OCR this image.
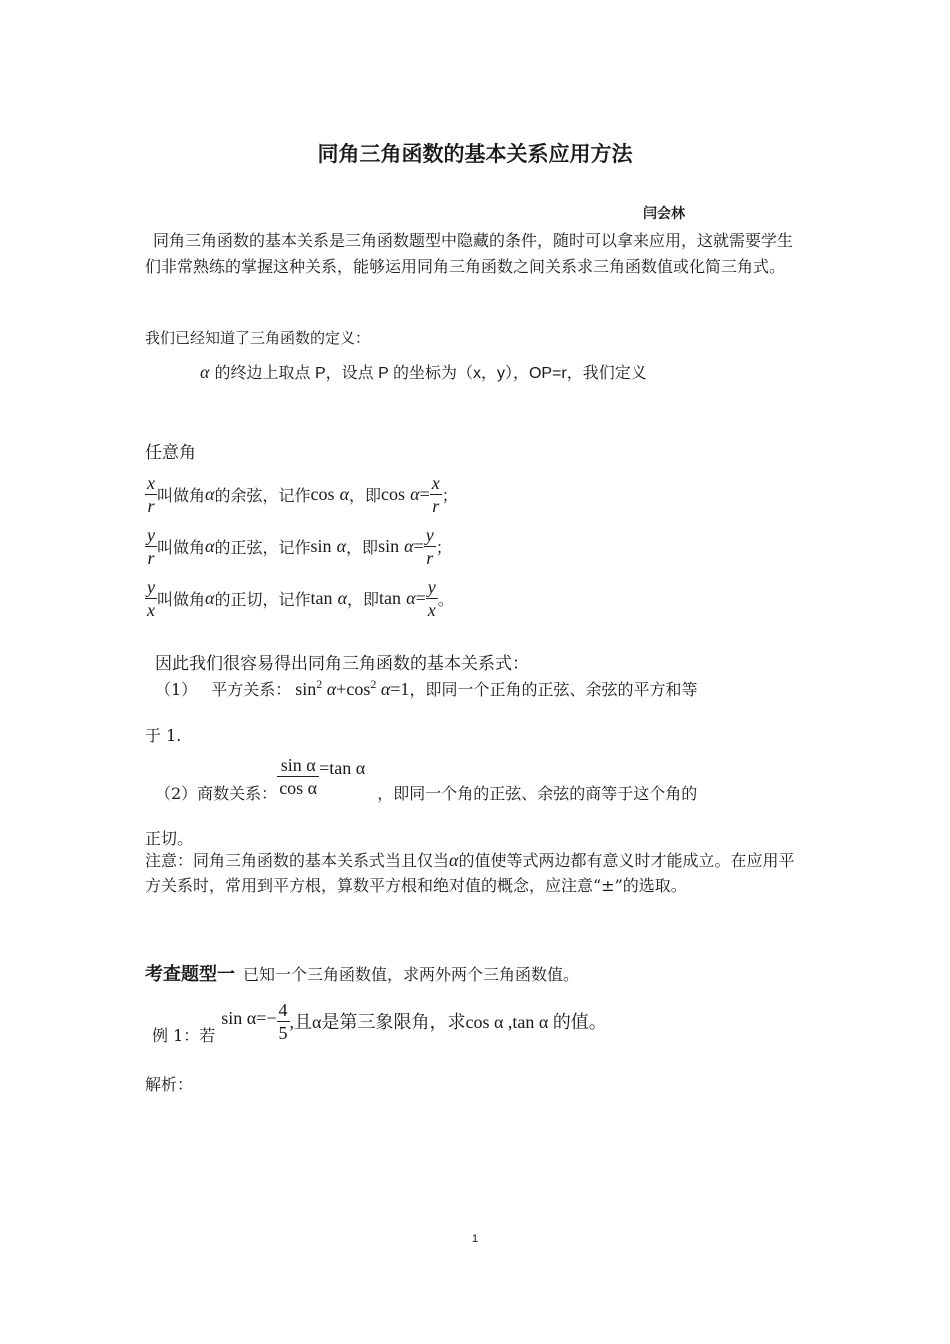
同角三角函数的基本关系应用方法
闫会林
同角三角函数的基本关系是三角函数题型中隐藏的条件，随时可以拿来应用，这就需要学生们非常熟练的掌握这种关系，能够运用同角三角函数之间关系求三角函数值或化简三角式。
我们已经知道了三角函数的定义：
α 的终边上取点 P，设点 P 的坐标为（x，y），OP=r，我们定义
任意角
$\frac{x}{r}$ 叫做角 α 的余弦，记作 cos
α ，即 cos
$\alpha = \frac{x}{r}$ ；
$\frac{y}{r}$ 叫做角 α 的正弦，记作 sin
α ，即 sin
$\alpha = \frac{y}{r}$ ；
$\frac{y}{x}$ 叫做角 α 的正切，记作 tan
α ，即 tan
$\alpha = \frac{y}{x}$ 。
因此我们很容易得出同角三角函数的基本关系式：
（1） 平方关系： $\sin^2 \alpha+\cos^2$ α=1 ，即同一个正角的正弦、余弦的平方和等
于 1.
（2）商数关系： $\frac{\text{sin α}}{\text{cos α}} =\tan$ α
，即同一个角的正弦、余弦的商等于这个角的
正切。
注意：同角三角函数的基本关系式当且仅当α的值使等式两边都有意义时才能成立。在应用平方关系时，常用到平方根，算数平方根和绝对值的概念，应注意“±”的选取。
考查题型一 已知一个三角函数值，求两外两个三角函数值。
例 1：若
$\sin \alpha=- \frac{4}{5}$ ,且α是第三象限角，求cos α ,tan α 的值。
解析：
1
